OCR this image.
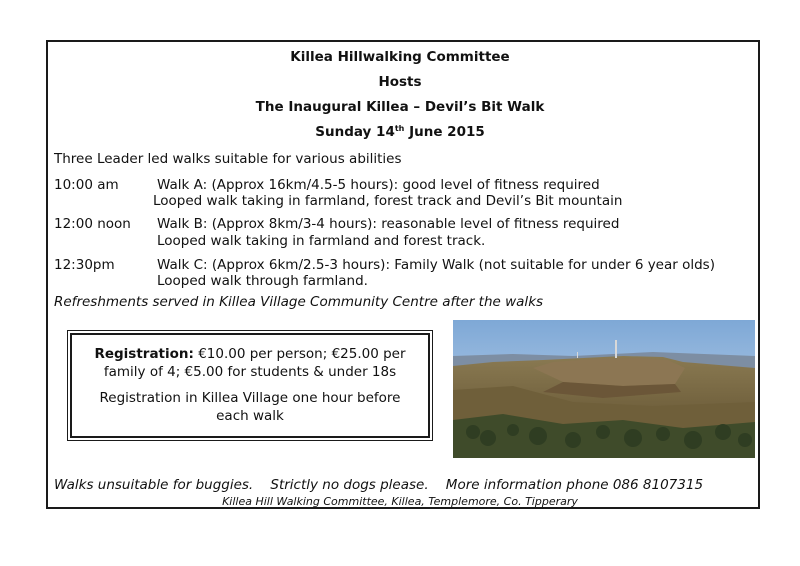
Killea Hillwalking Committee
Hosts
The Inaugural Killea – Devil’s Bit Walk
Sunday 14th June 2015
Three Leader led walks suitable for various abilities
10:00 am	Walk A: (Approx 16km/4.5-5 hours): good level of fitness required
Looped walk taking in farmland, forest track and Devil’s Bit mountain
12:00 noon Walk B: (Approx 8km/3-4 hours): reasonable level of fitness required
Looped walk taking in farmland and forest track.
12:30pm	Walk C: (Approx 6km/2.5-3 hours): Family Walk (not suitable for under 6 year olds)
Looped walk through farmland.
Refreshments served in Killea Village Community Centre after the walks
Registration: €10.00 per person; €25.00 per family of 4; €5.00 for students & under 18s
Registration in Killea Village one hour before each walk
Walks unsuitable for buggies.    Strictly no dogs please.    More information phone 086 8107315
Killea Hill Walking Committee, Killea, Templemore, Co. Tipperary
